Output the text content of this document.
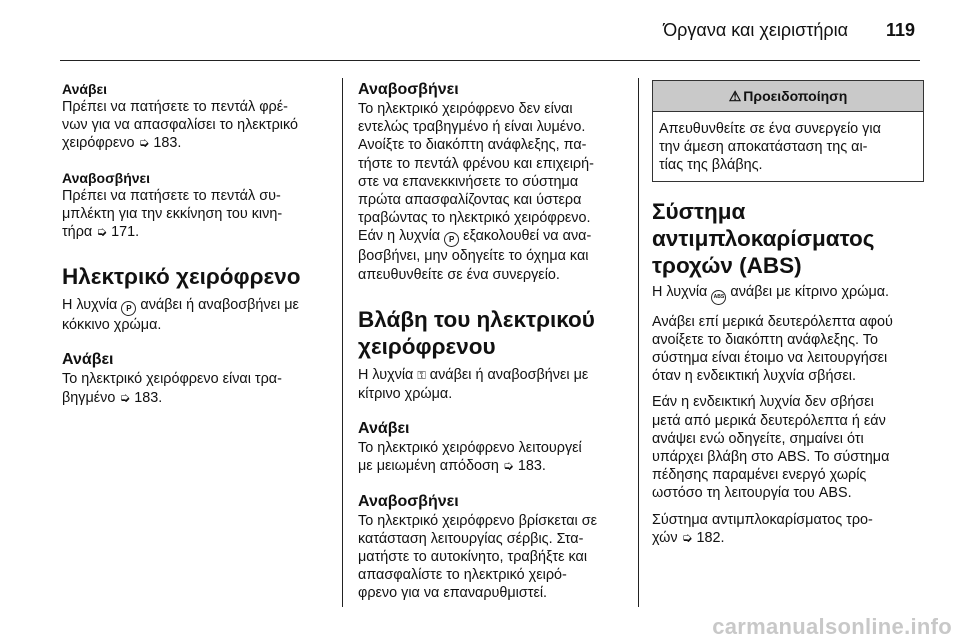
Όργανα και χειριστήρια 119
Ανάβει

Πρέπει να πατήσετε το πεντάλ φρέ-
νων για να απασφαλίσει το ηλεκτρικό
χειρόφρενο ➭ 183.

Αναβοσβήνει

Πρέπει να πατήσετε το πεντάλ συ-
μπλέκτη για την εκκίνηση του κινη-
τήρα ➭ 171.

Ηλεκτρικό χειρόφρενο

Η λυχνία P ανάβει ή αναβοσβήνει με
κόκκινο χρώμα.

Ανάβει

Το ηλεκτρικό χειρόφρενο είναι τρα-
βηγμένο ➭ 183.

Αναβοσβήνει

Το ηλεκτρικό χειρόφρενο δεν είναι
εντελώς τραβηγμένο ή είναι λυμένο.
Ανοίξτε το διακόπτη ανάφλεξης, πα-
τήστε το πεντάλ φρένου και επιχειρή-
στε να επανεκκινήσετε το σύστημα
πρώτα απασφαλίζοντας και ύστερα
τραβώντας το ηλεκτρικό χειρόφρενο.
Εάν η λυχνία P εξακολουθεί να ανα-
βοσβήνει, μην οδηγείτε το όχημα και
απευθυνθείτε σε ένα συνεργείο.

Βλάβη του ηλεκτρικού
χειρόφρενου

Η λυχνία ⚿ ανάβει ή αναβοσβήνει με
κίτρινο χρώμα.

Ανάβει

Το ηλεκτρικό χειρόφρενο λειτουργεί
με μειωμένη απόδοση ➭ 183.

Αναβοσβήνει

Το ηλεκτρικό χειρόφρενο βρίσκεται σε
κατάσταση λειτουργίας σέρβις. Στα-
ματήστε το αυτοκίνητο, τραβήξτε και
απασφαλίστε το ηλεκτρικό χειρό-
φρενο για να επαναρυθμιστεί.

⚠ Προειδοποίηση

Απευθυνθείτε σε ένα συνεργείο για
την άμεση αποκατάσταση της αι-
τίας της βλάβης.

Σύστημα
αντιμπλοκαρίσματος
τροχών (ABS)

Η λυχνία ABS ανάβει με κίτρινο χρώμα.

Ανάβει επί μερικά δευτερόλεπτα αφού
ανοίξετε το διακόπτη ανάφλεξης. Το
σύστημα είναι έτοιμο να λειτουργήσει
όταν η ενδεικτική λυχνία σβήσει.

Εάν η ενδεικτική λυχνία δεν σβήσει
μετά από μερικά δευτερόλεπτα ή εάν
ανάψει ενώ οδηγείτε, σημαίνει ότι
υπάρχει βλάβη στο ABS. Το σύστημα
πέδησης παραμένει ενεργό χωρίς
ωστόσο τη λειτουργία του ABS.

Σύστημα αντιμπλοκαρίσματος τρο-
χών ➭ 182.

carmanualsonline.info
